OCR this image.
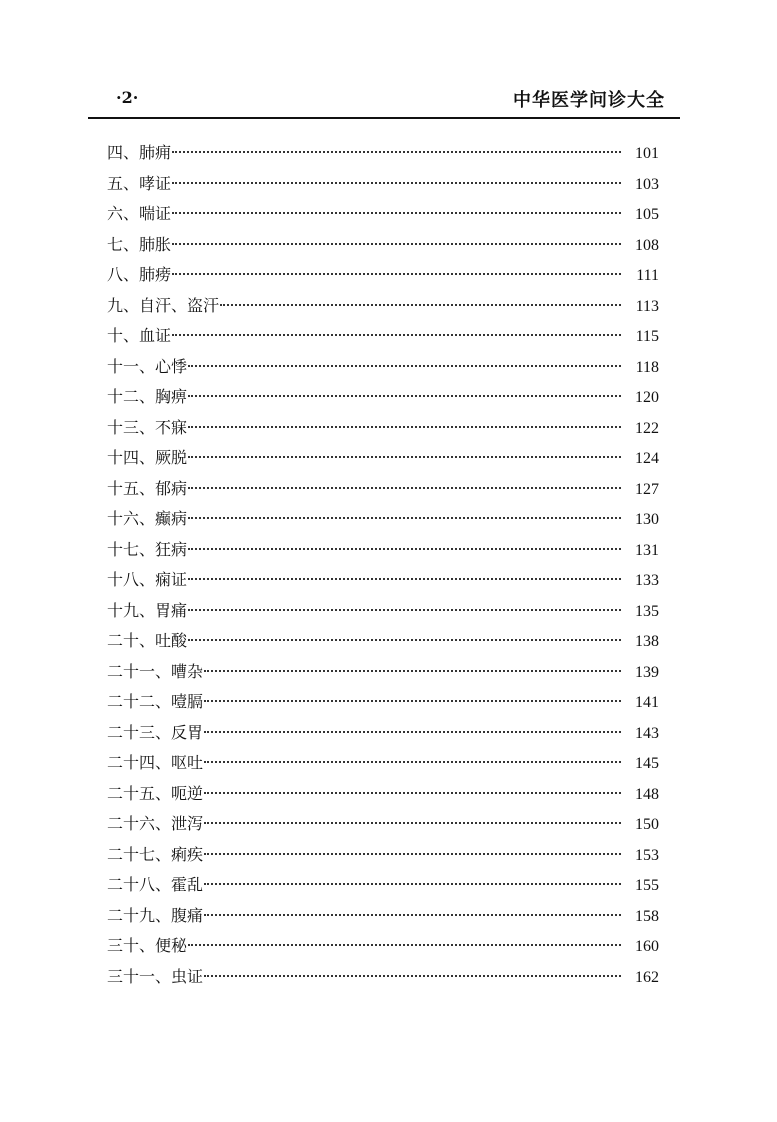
·2·	中华医学问诊大全
四、肺痈	101
五、哮证	103
六、喘证	105
七、肺胀	108
八、肺痨	111
九、自汗、盗汗	113
十、血证	115
十一、心悸	118
十二、胸痹	120
十三、不寐	122
十四、厥脱	124
十五、郁病	127
十六、癫病	130
十七、狂病	131
十八、痫证	133
十九、胃痛	135
二十、吐酸	138
二十一、嘈杂	139
二十二、噎膈	141
二十三、反胃	143
二十四、呕吐	145
二十五、呃逆	148
二十六、泄泻	150
二十七、痢疾	153
二十八、霍乱	155
二十九、腹痛	158
三十、便秘	160
三十一、虫证	162
